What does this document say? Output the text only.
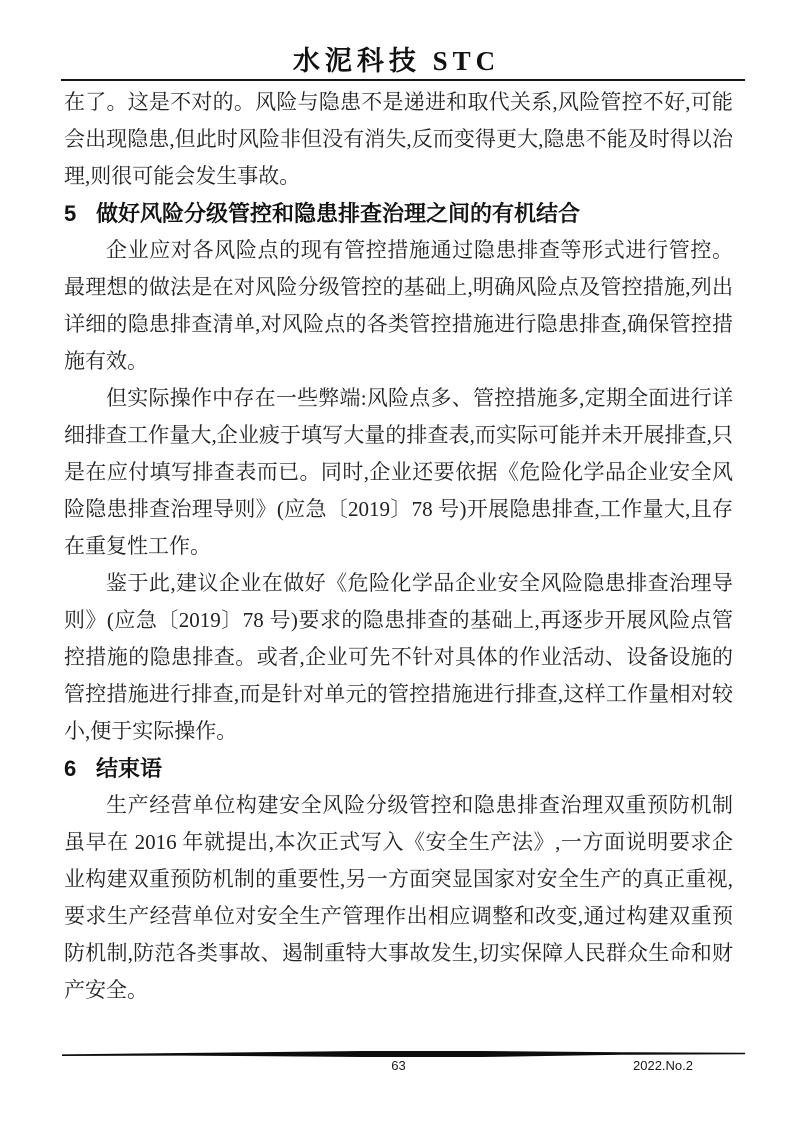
水泥科技 STC

在了。这是不对的。风险与隐患不是递进和取代关系,风险管控不好,可能会出现隐患,但此时风险非但没有消失,反而变得更大,隐患不能及时得以治理,则很可能会发生事故。

5 做好风险分级管控和隐患排查治理之间的有机结合

企业应对各风险点的现有管控措施通过隐患排查等形式进行管控。最理想的做法是在对风险分级管控的基础上,明确风险点及管控措施,列出详细的隐患排查清单,对风险点的各类管控措施进行隐患排查,确保管控措施有效。

但实际操作中存在一些弊端:风险点多、管控措施多,定期全面进行详细排查工作量大,企业疲于填写大量的排查表,而实际可能并未开展排查,只是在应付填写排查表而已。同时,企业还要依据《危险化学品企业安全风险隐患排查治理导则》(应急〔2019〕78 号)开展隐患排查,工作量大,且存在重复性工作。

鉴于此,建议企业在做好《危险化学品企业安全风险隐患排查治理导则》(应急〔2019〕78 号)要求的隐患排查的基础上,再逐步开展风险点管控措施的隐患排查。或者,企业可先不针对具体的作业活动、设备设施的管控措施进行排查,而是针对单元的管控措施进行排查,这样工作量相对较小,便于实际操作。

6 结束语

生产经营单位构建安全风险分级管控和隐患排查治理双重预防机制虽早在 2016 年就提出,本次正式写入《安全生产法》,一方面说明要求企业构建双重预防机制的重要性,另一方面突显国家对安全生产的真正重视,要求生产经营单位对安全生产管理作出相应调整和改变,通过构建双重预防机制,防范各类事故、遏制重特大事故发生,切实保障人民群众生命和财产安全。

63	2022.No.2
